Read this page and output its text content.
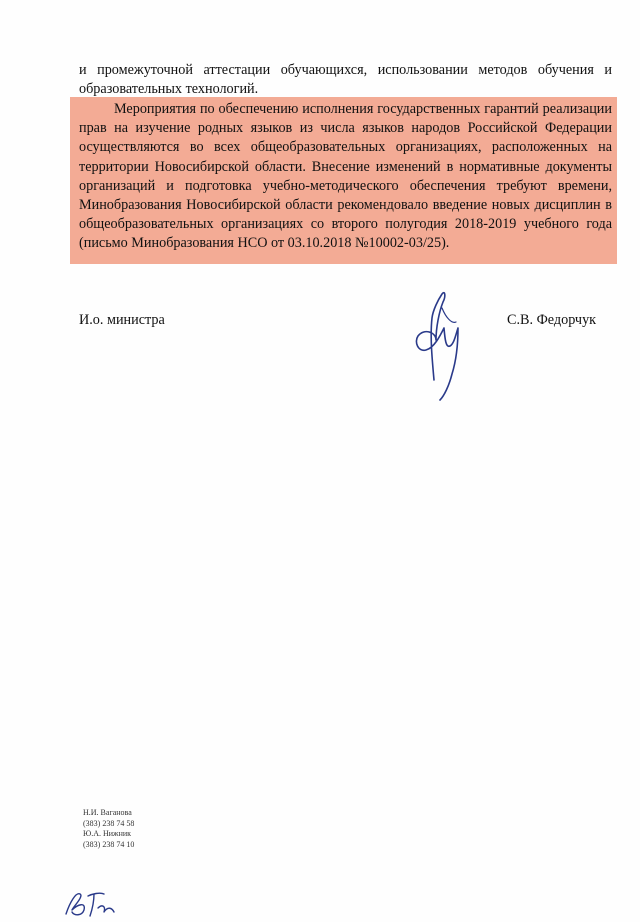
и промежуточной аттестации обучающихся, использовании методов обучения и образовательных технологий.

Мероприятия по обеспечению исполнения государственных гарантий реализации прав на изучение родных языков из числа языков народов Российской Федерации осуществляются во всех общеобразовательных организациях, расположенных на территории Новосибирской области. Внесение изменений в нормативные документы организаций и подготовка учебно-методического обеспечения требуют времени, Минобразования Новосибирской области рекомендовало введение новых дисциплин в общеобразовательных организациях со второго полугодия 2018-2019 учебного года (письмо Минобразования НСО от 03.10.2018 №10002-03/25).

И.о. министра	С.В. Федорчук
Н.И. Ваганова
(383) 238 74 58
Ю.А. Нижник
(383) 238 74 10
